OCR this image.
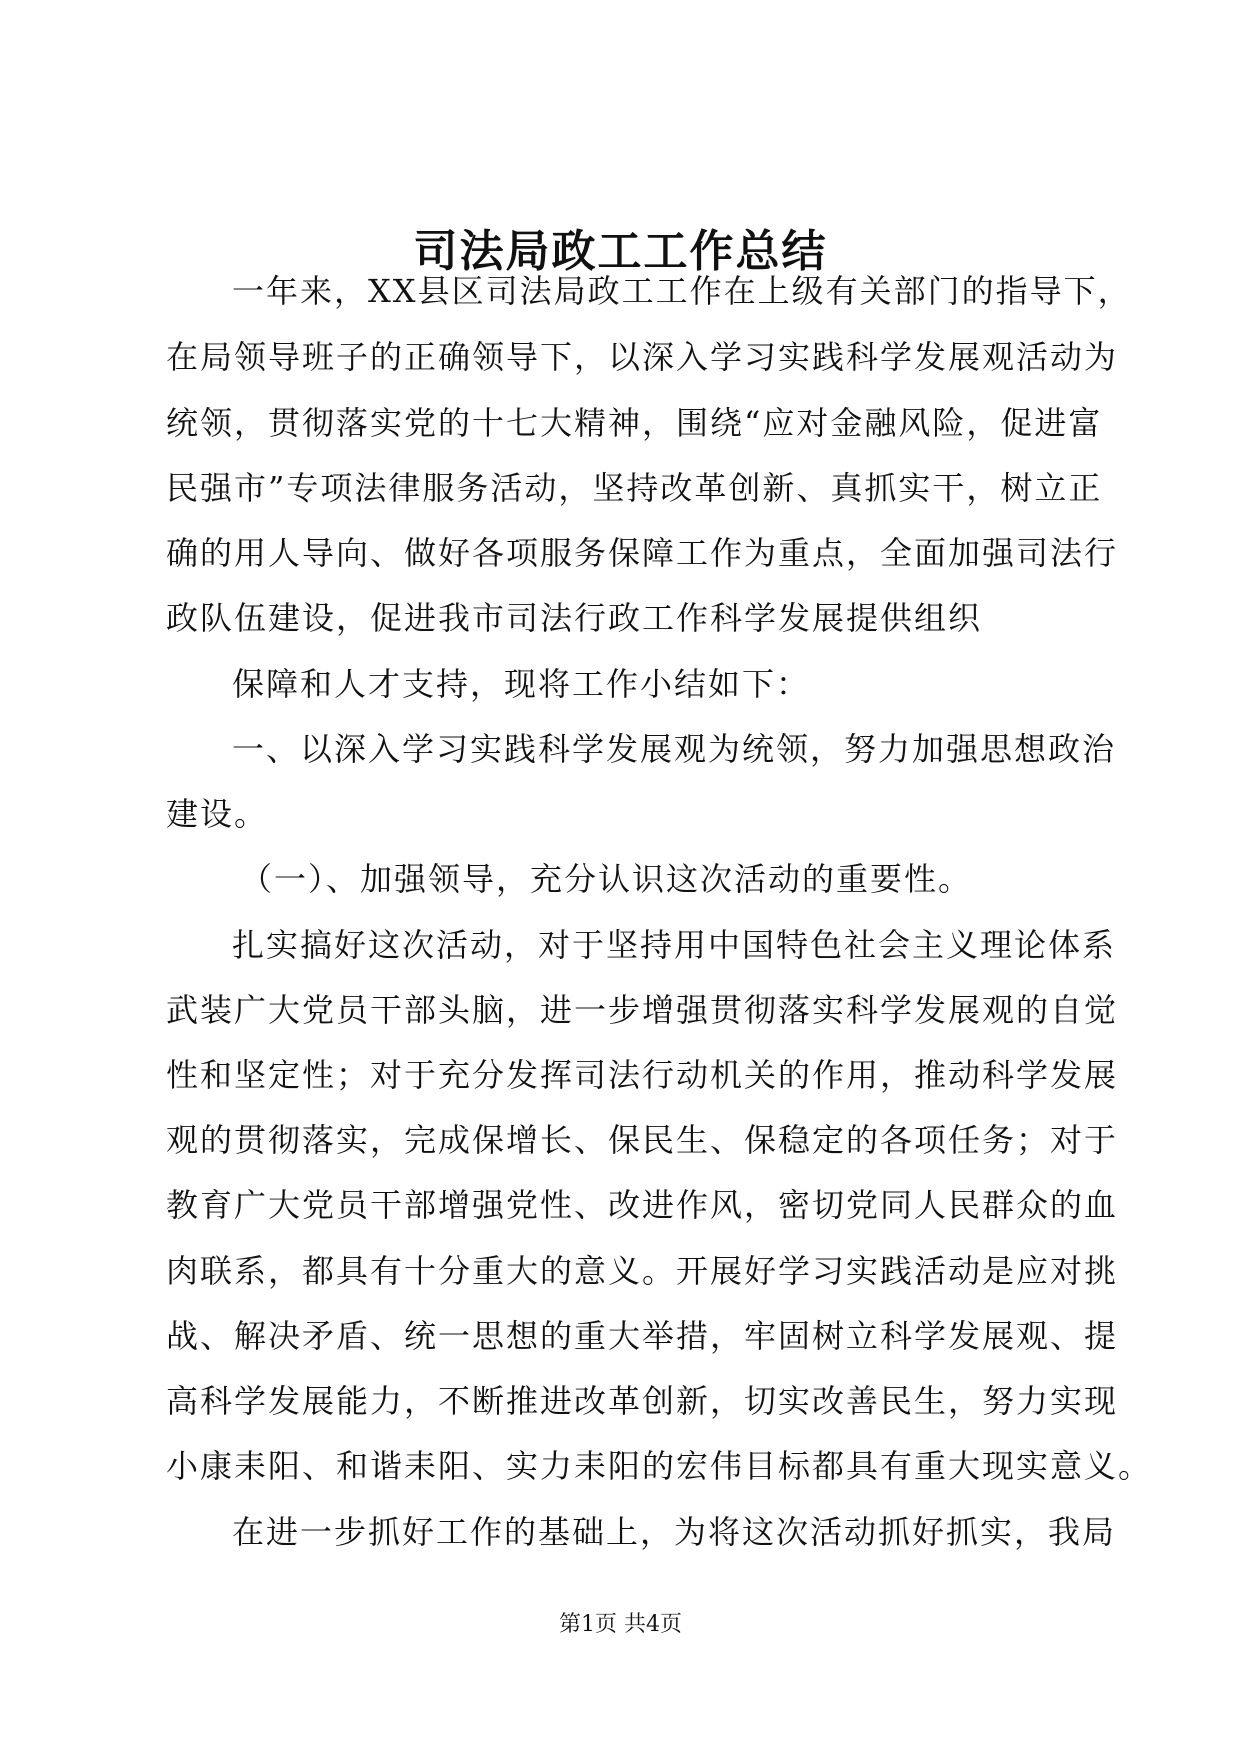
司法局政工工作总结
一年来，XX县区司法局政工工作在上级有关部门的指导下，
在局领导班子的正确领导下，以深入学习实践科学发展观活动为
统领，贯彻落实党的十七大精神，围绕“应对金融风险，促进富
民强市”专项法律服务活动，坚持改革创新、真抓实干，树立正
确的用人导向、做好各项服务保障工作为重点，全面加强司法行
政队伍建设，促进我市司法行政工作科学发展提供组织
保障和人才支持，现将工作小结如下：
一、以深入学习实践科学发展观为统领，努力加强思想政治
建设。
（一）、加强领导，充分认识这次活动的重要性。
扎实搞好这次活动，对于坚持用中国特色社会主义理论体系
武装广大党员干部头脑，进一步增强贯彻落实科学发展观的自觉
性和坚定性；对于充分发挥司法行动机关的作用，推动科学发展
观的贯彻落实，完成保增长、保民生、保稳定的各项任务；对于
教育广大党员干部增强党性、改进作风，密切党同人民群众的血
肉联系，都具有十分重大的意义。开展好学习实践活动是应对挑
战、解决矛盾、统一思想的重大举措，牢固树立科学发展观、提
高科学发展能力，不断推进改革创新，切实改善民生，努力实现
小康耒阳、和谐耒阳、实力耒阳的宏伟目标都具有重大现实意义。
在进一步抓好工作的基础上，为将这次活动抓好抓实，我局
第1页 共4页
